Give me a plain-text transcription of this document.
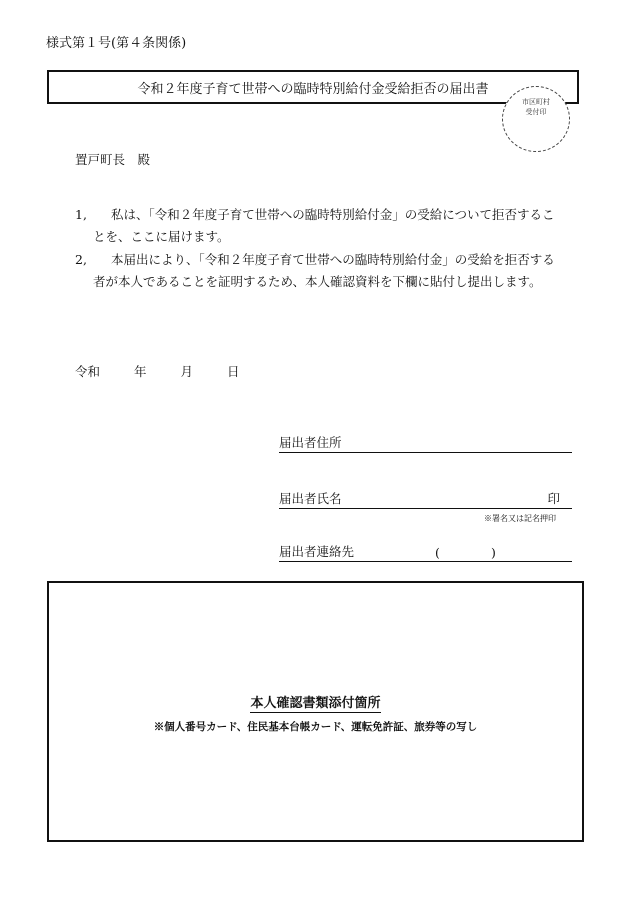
様式第１号(第４条関係)
令和２年度子育て世帯への臨時特別給付金受給拒否の届出書
市区町村
受付印
置戸町長　殿
1,	私は、「令和２年度子育て世帯への臨時特別給付金」の受給について拒否することを、ここに届けます。
2,	本届出により、「令和２年度子育て世帯への臨時特別給付金」の受給を拒否する者が本人であることを証明するため、本人確認資料を下欄に貼付し提出します。
令和	年	月	日
届出者住所
届出者氏名	印
※署名又は記名押印
届出者連絡先	(	)
本人確認書類添付箇所
※個人番号カード、住民基本台帳カード、運転免許証、旅券等の写し
